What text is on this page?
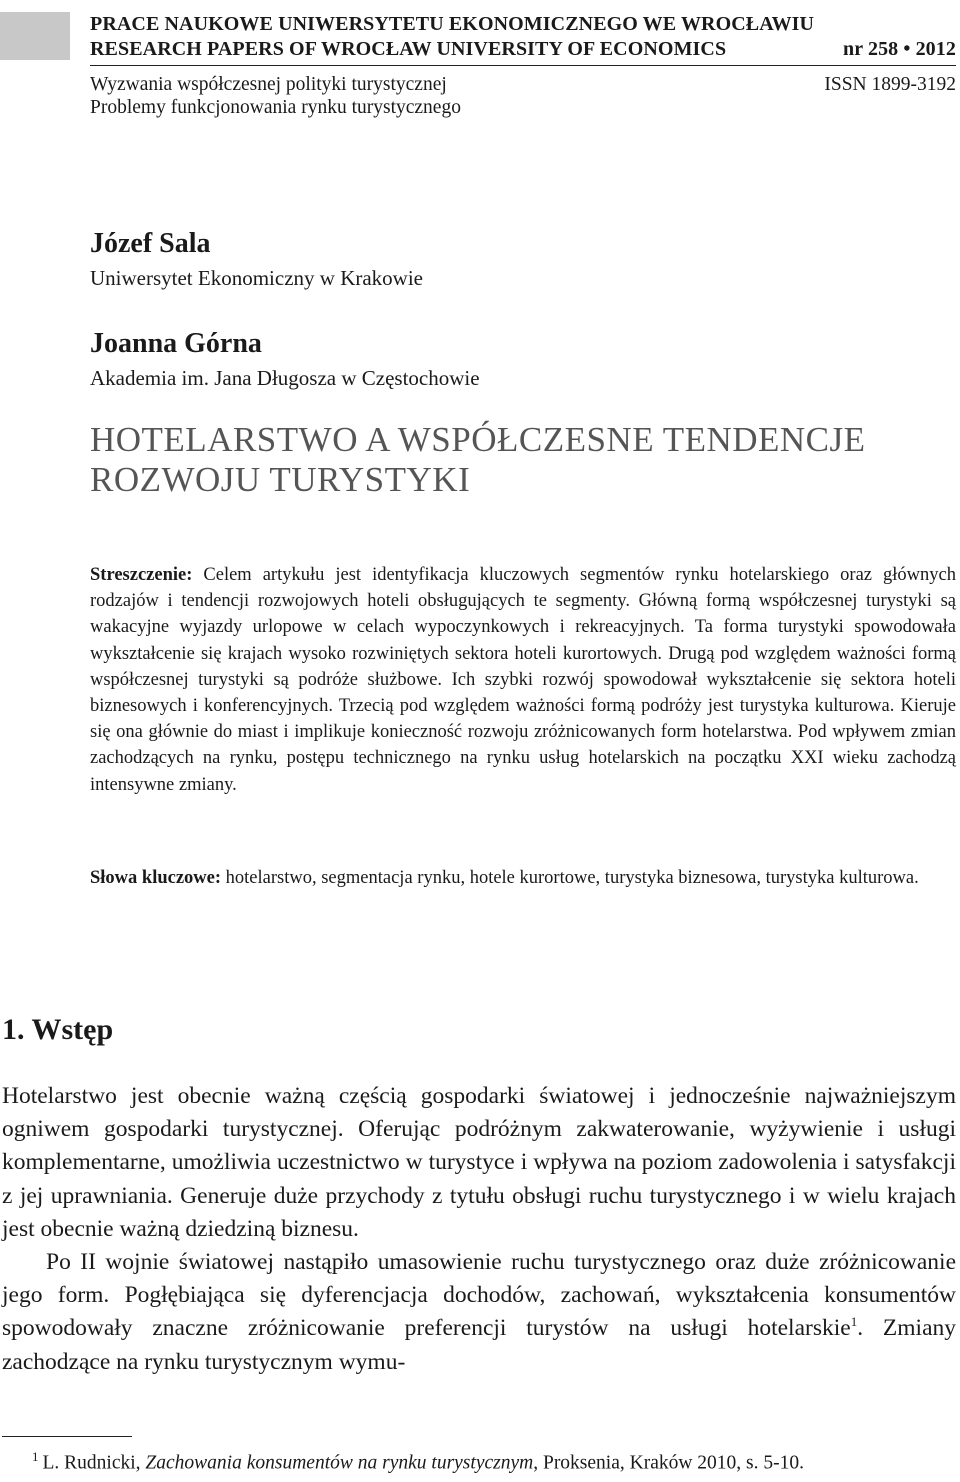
PRACE NAUKOWE UNIWERSYTETU EKONOMICZNEGO WE WROCŁAWIU
RESEARCH PAPERS OF WROCŁAW UNIVERSITY OF ECONOMICS	nr 258 • 2012
Wyzwania współczesnej polityki turystycznej	ISSN 1899-3192
Problemy funkcjonowania rynku turystycznego
Józef Sala
Uniwersytet Ekonomiczny w Krakowie
Joanna Górna
Akademia im. Jana Długosza w Częstochowie
HOTELARSTWO A WSPÓŁCZESNE TENDENCJE
ROZWOJU TURYSTYKI
Streszczenie: Celem artykułu jest identyfikacja kluczowych segmentów rynku hotelarskiego oraz głównych rodzajów i tendencji rozwojowych hoteli obsługujących te segmenty. Główną formą współczesnej turystyki są wakacyjne wyjazdy urlopowe w celach wypoczynkowych i rekreacyjnych. Ta forma turystyki spowodowała wykształcenie się krajach wysoko rozwiniętych sektora hoteli kurortowych. Drugą pod względem ważności formą współczesnej turystyki są podróże służbowe. Ich szybki rozwój spowodował wykształcenie się sektora hoteli biznesowych i konferencyjnych. Trzecią pod względem ważności formą podróży jest turystyka kulturowa. Kieruje się ona głównie do miast i implikuje konieczność rozwoju zróżnicowanych form hotelarstwa. Pod wpływem zmian zachodzących na rynku, postępu technicznego na rynku usług hotelarskich na początku XXI wieku zachodzą intensywne zmiany.
Słowa kluczowe: hotelarstwo, segmentacja rynku, hotele kurortowe, turystyka biznesowa, turystyka kulturowa.
1. Wstęp

Hotelarstwo jest obecnie ważną częścią gospodarki światowej i jednocześnie najważniejszym ogniwem gospodarki turystycznej. Oferując podróżnym zakwaterowanie, wyżywienie i usługi komplementarne, umożliwia uczestnictwo w turystyce i wpływa na poziom zadowolenia i satysfakcji z jej uprawniania. Generuje duże przychody z tytułu obsługi ruchu turystycznego i w wielu krajach jest obecnie ważną dziedziną biznesu.

Po II wojnie światowej nastąpiło umasowienie ruchu turystycznego oraz duże zróżnicowanie jego form. Pogłębiająca się dyferencjacja dochodów, zachowań, wykształcenia konsumentów spowodowały znaczne zróżnicowanie preferencji turystów na usługi hotelarskie$^1$. Zmiany zachodzące na rynku turystycznym wymu-

$^1$ L. Rudnicki, Zachowania konsumentów na rynku turystycznym, Proksenia, Kraków 2010, s. 5-10.
